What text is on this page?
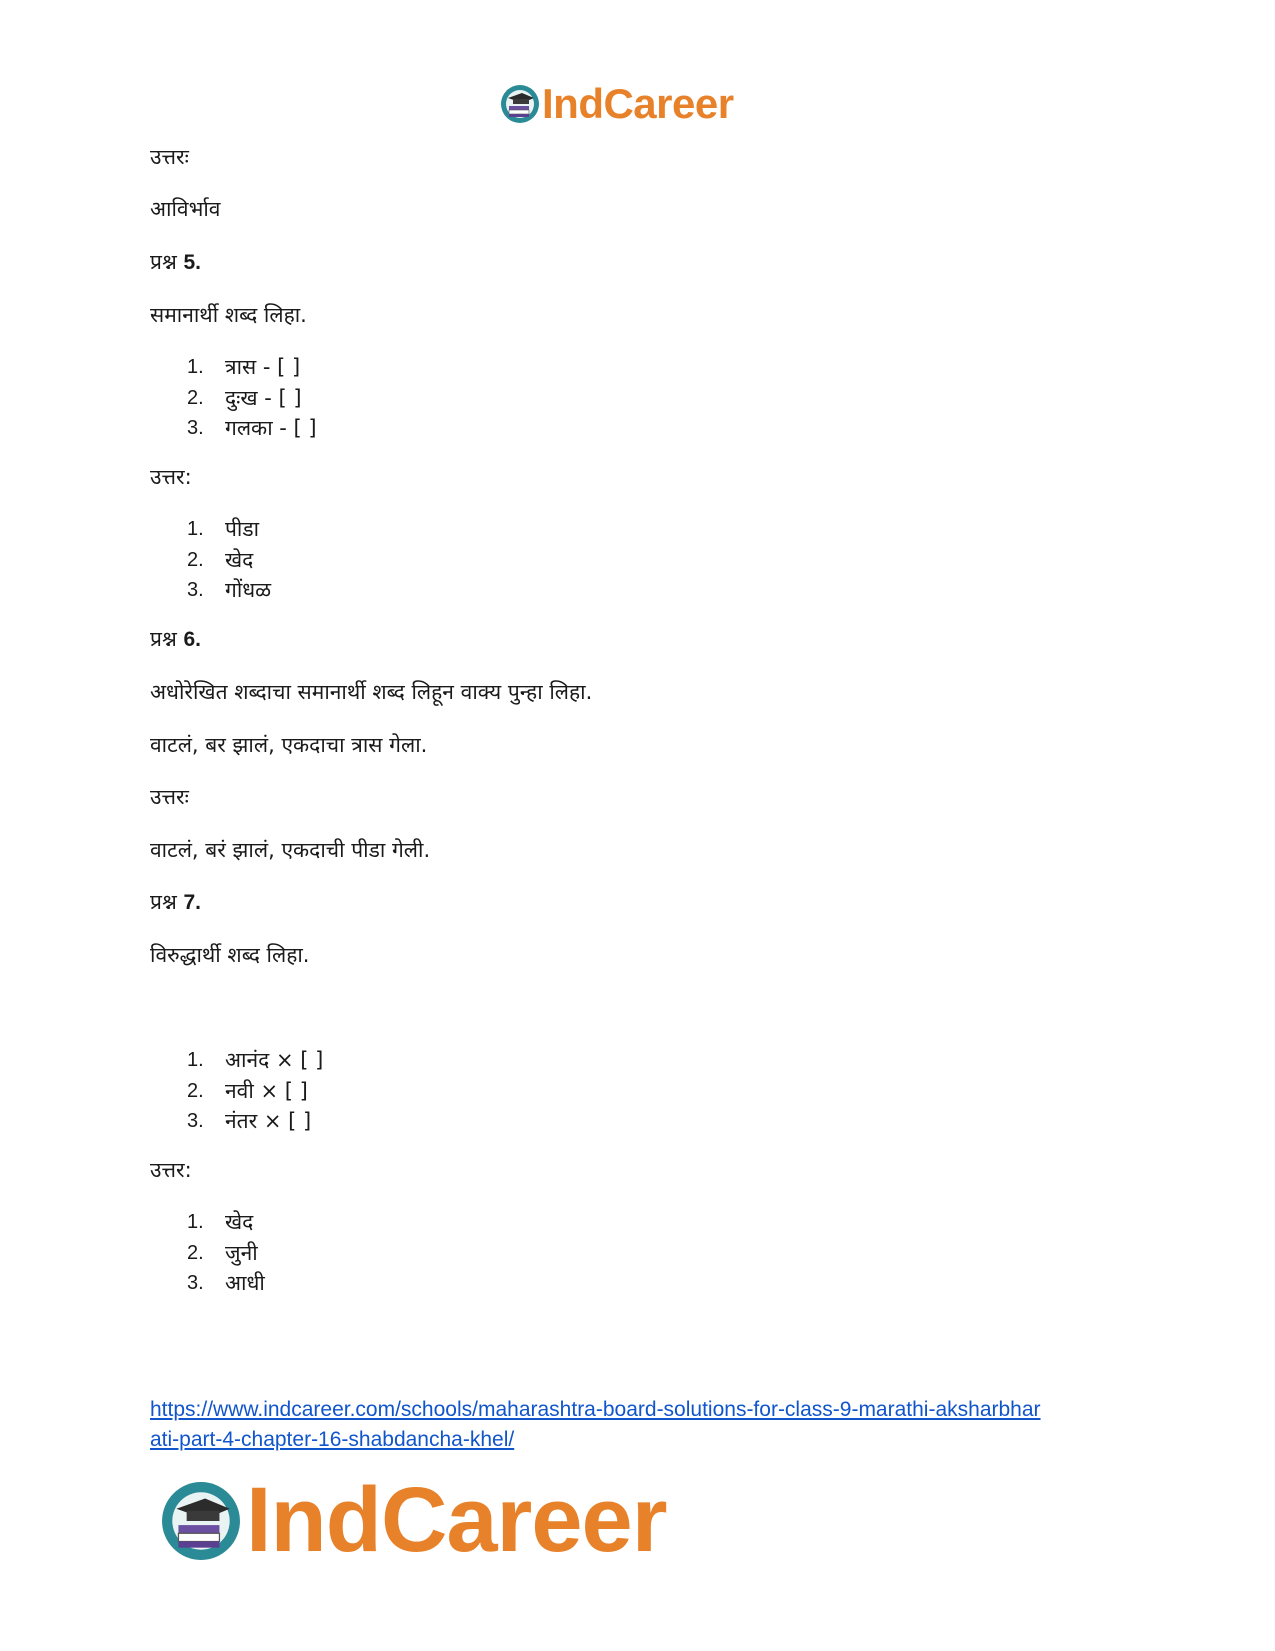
IndCareer
उत्तरः
आविर्भाव
प्रश्न 5.
समानार्थी शब्द लिहा.
1. त्रास - [ ]
2. दुःख - [ ]
3. गलका - [ ]
उत्तर:
1. पीडा
2. खेद
3. गोंधळ
प्रश्न 6.
अधोरेखित शब्दाचा समानार्थी शब्द लिहून वाक्य पुन्हा लिहा.
वाटलं, बर झालं, एकदाचा त्रास गेला.
उत्तरः
वाटलं, बरं झालं, एकदाची पीडा गेली.
प्रश्न 7.
विरुद्धार्थी शब्द लिहा.
1. आनंद × [ ]
2. नवी × [ ]
3. नंतर × [ ]
उत्तर:
1. खेद
2. जुनी
3. आधी
https://www.indcareer.com/schools/maharashtra-board-solutions-for-class-9-marathi-aksharbhar
ati-part-4-chapter-16-shabdancha-khel/
IndCareer
